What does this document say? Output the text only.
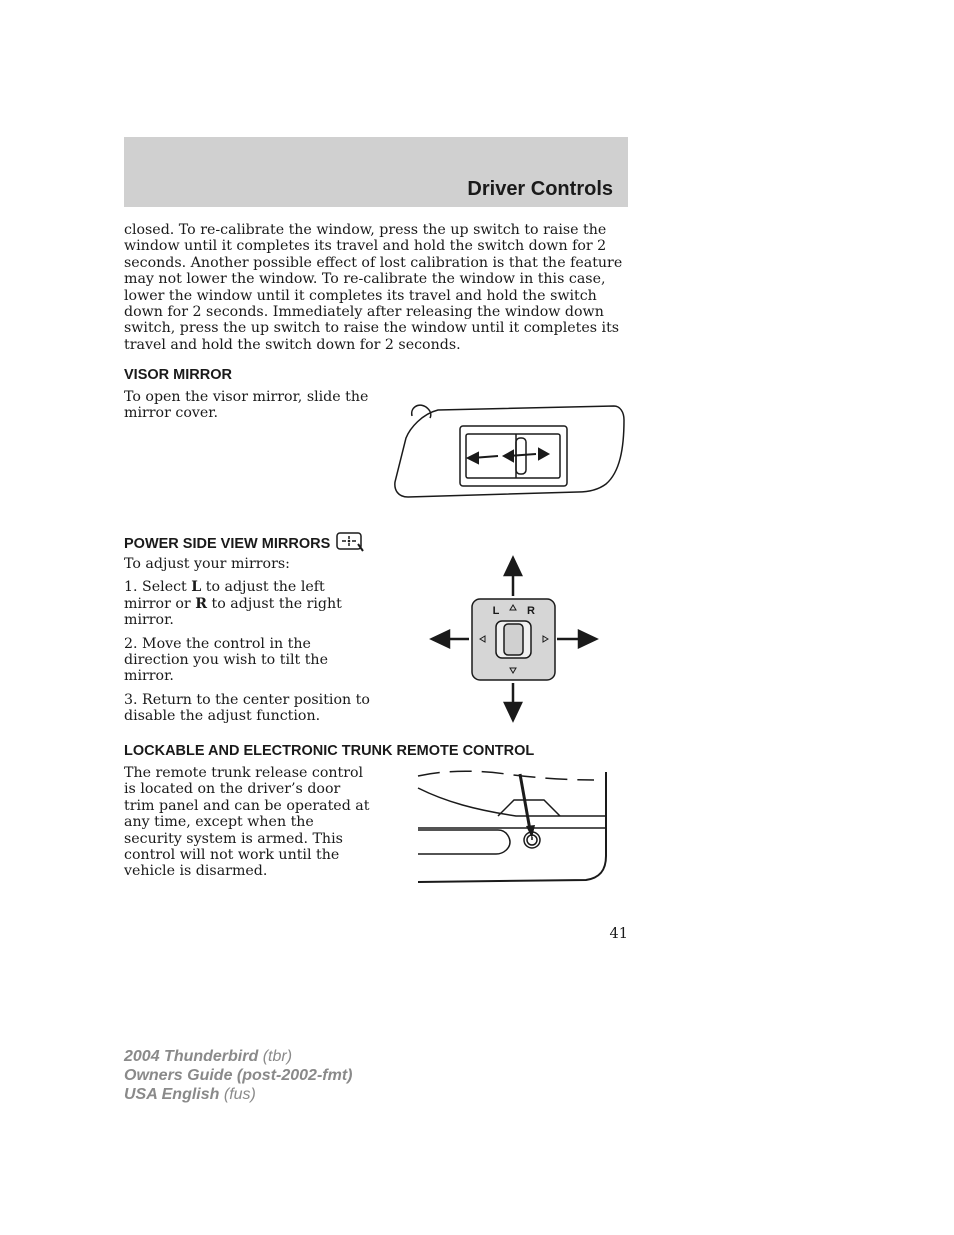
Driver Controls
closed. To re-calibrate the window, press the up switch to raise the window until it completes its travel and hold the switch down for 2 seconds. Another possible effect of lost calibration is that the feature may not lower the window. To re-calibrate the window in this case, lower the window until it completes its travel and hold the switch down for 2 seconds. Immediately after releasing the window down switch, press the up switch to raise the window until it completes its travel and hold the switch down for 2 seconds.
VISOR MIRROR

To open the visor mirror, slide the mirror cover.

POWER SIDE VIEW MIRRORS

To adjust your mirrors:

1. Select L to adjust the left mirror or R to adjust the right mirror.

2. Move the control in the direction you wish to tilt the mirror.

3. Return to the center position to disable the adjust function.

L	R
LOCKABLE AND ELECTRONIC TRUNK REMOTE CONTROL

The remote trunk release control is located on the driver’s door trim panel and can be operated at any time, except when the security system is armed. This control will not work until the vehicle is disarmed.

41
2004 Thunderbird (tbr)
Owners Guide (post-2002-fmt)
USA English (fus)
